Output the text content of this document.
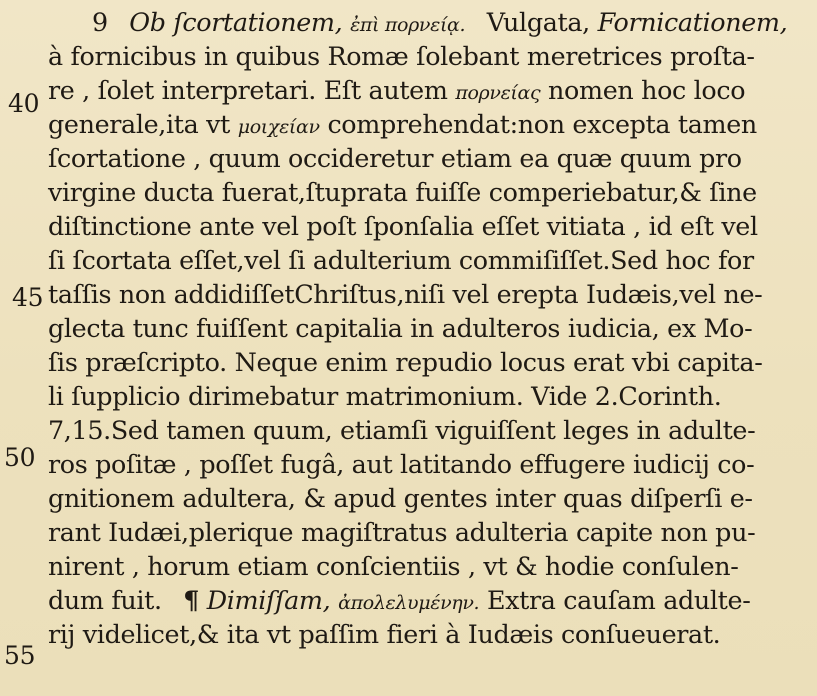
40
45
50
55
9 Ob ſcortationem, ἐπὶ πορνείᾳ. Vulgata, Fornicationem,
à fornicibus in quibus Romæ ſolebant meretrices proſta-
re , ſolet interpretari. Eſt autem πορνείας nomen hoc loco
generale,ita vt μοιχείαν comprehendat:non excepta tamen
ſcortatione , quum occideretur etiam ea quæ quum pro
virgine ducta fuerat,ſtuprata fuiſſe comperiebatur,& ſine
diſtinctione ante vel poſt ſponſalia eſſet vitiata , id eſt vel
ſi ſcortata eſſet,vel ſi adulterium commiſiſſet.Sed hoc for
taſſis non addidiſſetChriſtus,niſi vel erepta Iudæis,vel ne-
glecta tunc fuiſſent capitalia in adulteros iudicia, ex Mo-
ſis præſcripto. Neque enim repudio locus erat vbi capita-
li ſupplicio dirimebatur matrimonium. Vide 2.Corinth.
7,15.Sed tamen quum, etiamſi viguiſſent leges in adulte-
ros poſitæ , poſſet fugâ, aut latitando effugere iudicij co-
gnitionem adultera, & apud gentes inter quas diſperſi e-
rant Iudæi,plerique magiſtratus adulteria capite non pu-
nirent , horum etiam conſcientiis , vt & hodie conſulen-
dum fuit. ¶ Dimiſſam, ἀπολελυμένην. Extra cauſam adulte-
rij videlicet,& ita vt paſſim fieri à Iudæis conſueuerat.
